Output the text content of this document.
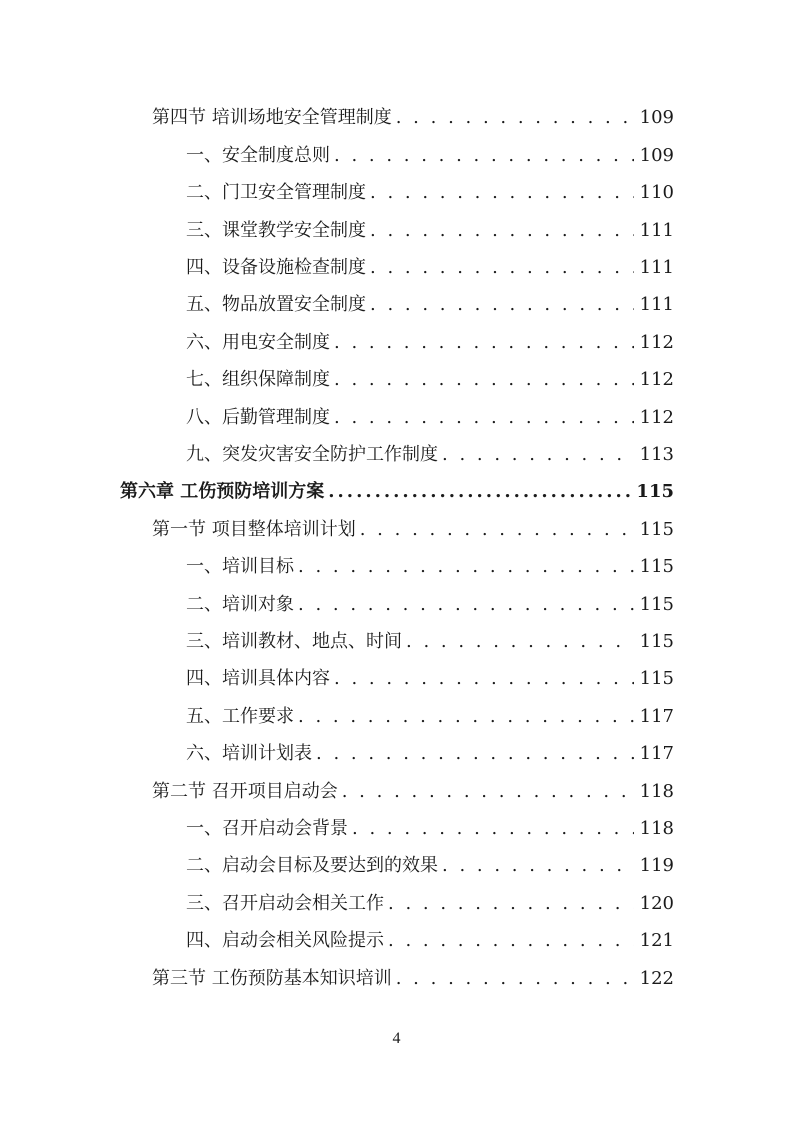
第四节 培训场地安全管理制度 . . .	109
一、安全制度总则 . . .	109
二、门卫安全管理制度 . . .	110
三、课堂教学安全制度 . . .	111
四、设备设施检查制度 . . .	111
五、物品放置安全制度 . . .	111
六、用电安全制度 . . .	112
七、组织保障制度 . . .	112
八、后勤管理制度 . . .	112
九、突发灾害安全防护工作制度 . . .	113
第六章 工伤预防培训方案 .....	115
第一节 项目整体培训计划 . . .	115
一、培训目标 . . .	115
二、培训对象 . . .	115
三、培训教材、地点、时间 . . .	115
四、培训具体内容 . . .	115
五、工作要求 . . .	117
六、培训计划表 . . .	117
第二节 召开项目启动会 . . .	118
一、召开启动会背景 . . .	118
二、启动会目标及要达到的效果 . . .	119
三、召开启动会相关工作 . . .	120
四、启动会相关风险提示 . . .	121
第三节 工伤预防基本知识培训 . . .	122
4
